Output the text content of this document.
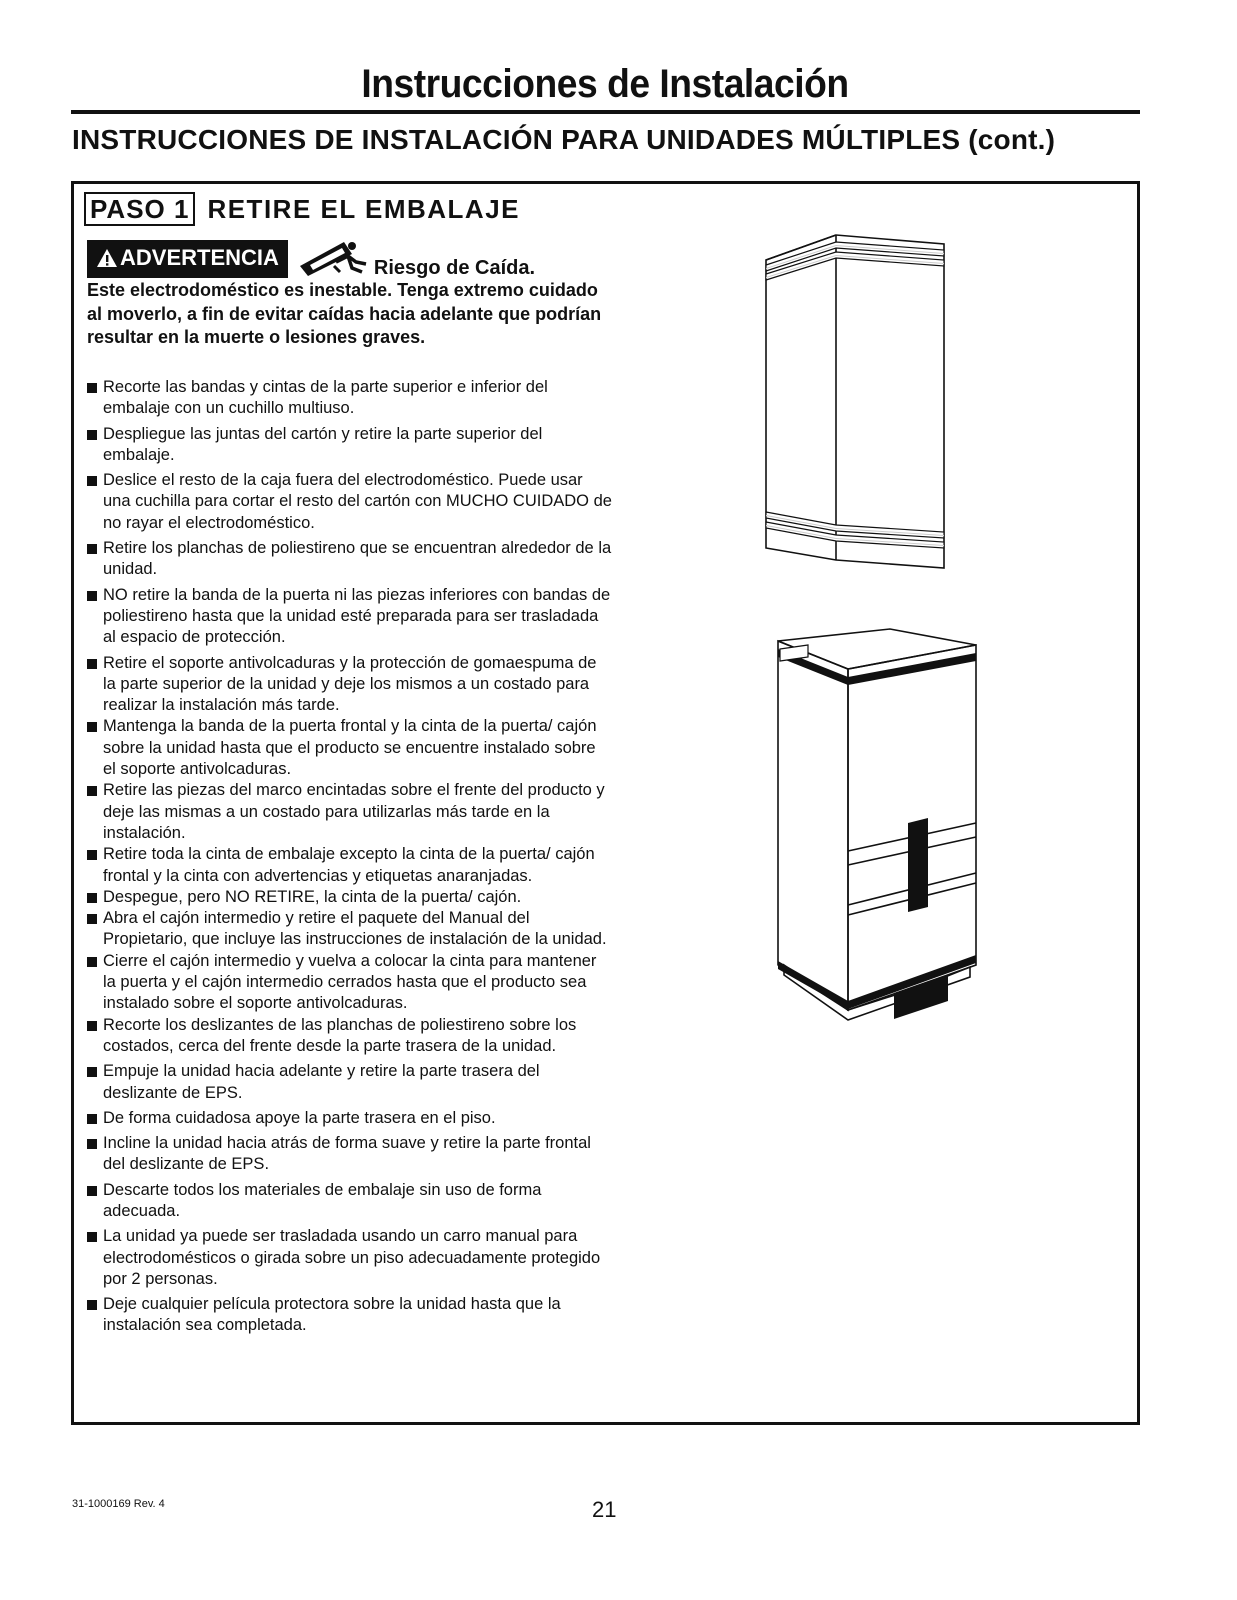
Instrucciones de Instalación
INSTRUCCIONES DE INSTALACIÓN PARA UNIDADES MÚLTIPLES (cont.)
PASO 1 RETIRE EL EMBALAJE
ADVERTENCIA	Riesgo de Caída.
Este electrodoméstico es inestable. Tenga extremo cuidado al moverlo, a fin de evitar caídas hacia adelante que podrían resultar en la muerte o lesiones graves.
Recorte las bandas y cintas de la parte superior e inferior del embalaje con un cuchillo multiuso.
Despliegue las juntas del cartón y retire la parte superior del embalaje.
Deslice el resto de la caja fuera del electrodoméstico. Puede usar una cuchilla para cortar el resto del cartón con MUCHO CUIDADO de no rayar el electrodoméstico.
Retire los planchas de poliestireno que se encuentran alrededor de la unidad.
NO retire la banda de la puerta ni las piezas inferiores con bandas de poliestireno hasta que la unidad esté preparada para ser trasladada al espacio de protección.
Retire el soporte antivolcaduras y la protección de gomaespuma de la parte superior de la unidad y deje los mismos a un costado para realizar la instalación más tarde.
Mantenga la banda de la puerta frontal y la cinta de la puerta/ cajón sobre la unidad hasta que el producto se encuentre instalado sobre el soporte antivolcaduras.
Retire las piezas del marco encintadas sobre el frente del producto y deje las mismas a un costado para utilizarlas más tarde en la instalación.
Retire toda la cinta de embalaje excepto la cinta de la puerta/ cajón frontal y la cinta con advertencias y etiquetas anaranjadas.
Despegue, pero NO RETIRE, la cinta de la puerta/ cajón.
Abra el cajón intermedio y retire el paquete del Manual del Propietario, que incluye las instrucciones de instalación de la unidad.
Cierre el cajón intermedio y vuelva a colocar la cinta para mantener la puerta y el cajón intermedio cerrados hasta que el producto sea instalado sobre el soporte antivolcaduras.
Recorte los deslizantes de las planchas de poliestireno sobre los costados, cerca del frente desde la parte trasera de la unidad.
Empuje la unidad hacia adelante y retire la parte trasera del deslizante de EPS.
De forma cuidadosa apoye la parte trasera en el piso.
Incline la unidad hacia atrás de forma suave y retire la parte frontal del deslizante de EPS.
Descarte todos los materiales de embalaje sin uso de forma adecuada.
La unidad ya puede ser trasladada usando un carro manual para electrodomésticos o girada sobre un piso adecuadamente protegido por 2 personas.
Deje cualquier película protectora sobre la unidad hasta que la instalación sea completada.
31-1000169 Rev. 4	21
